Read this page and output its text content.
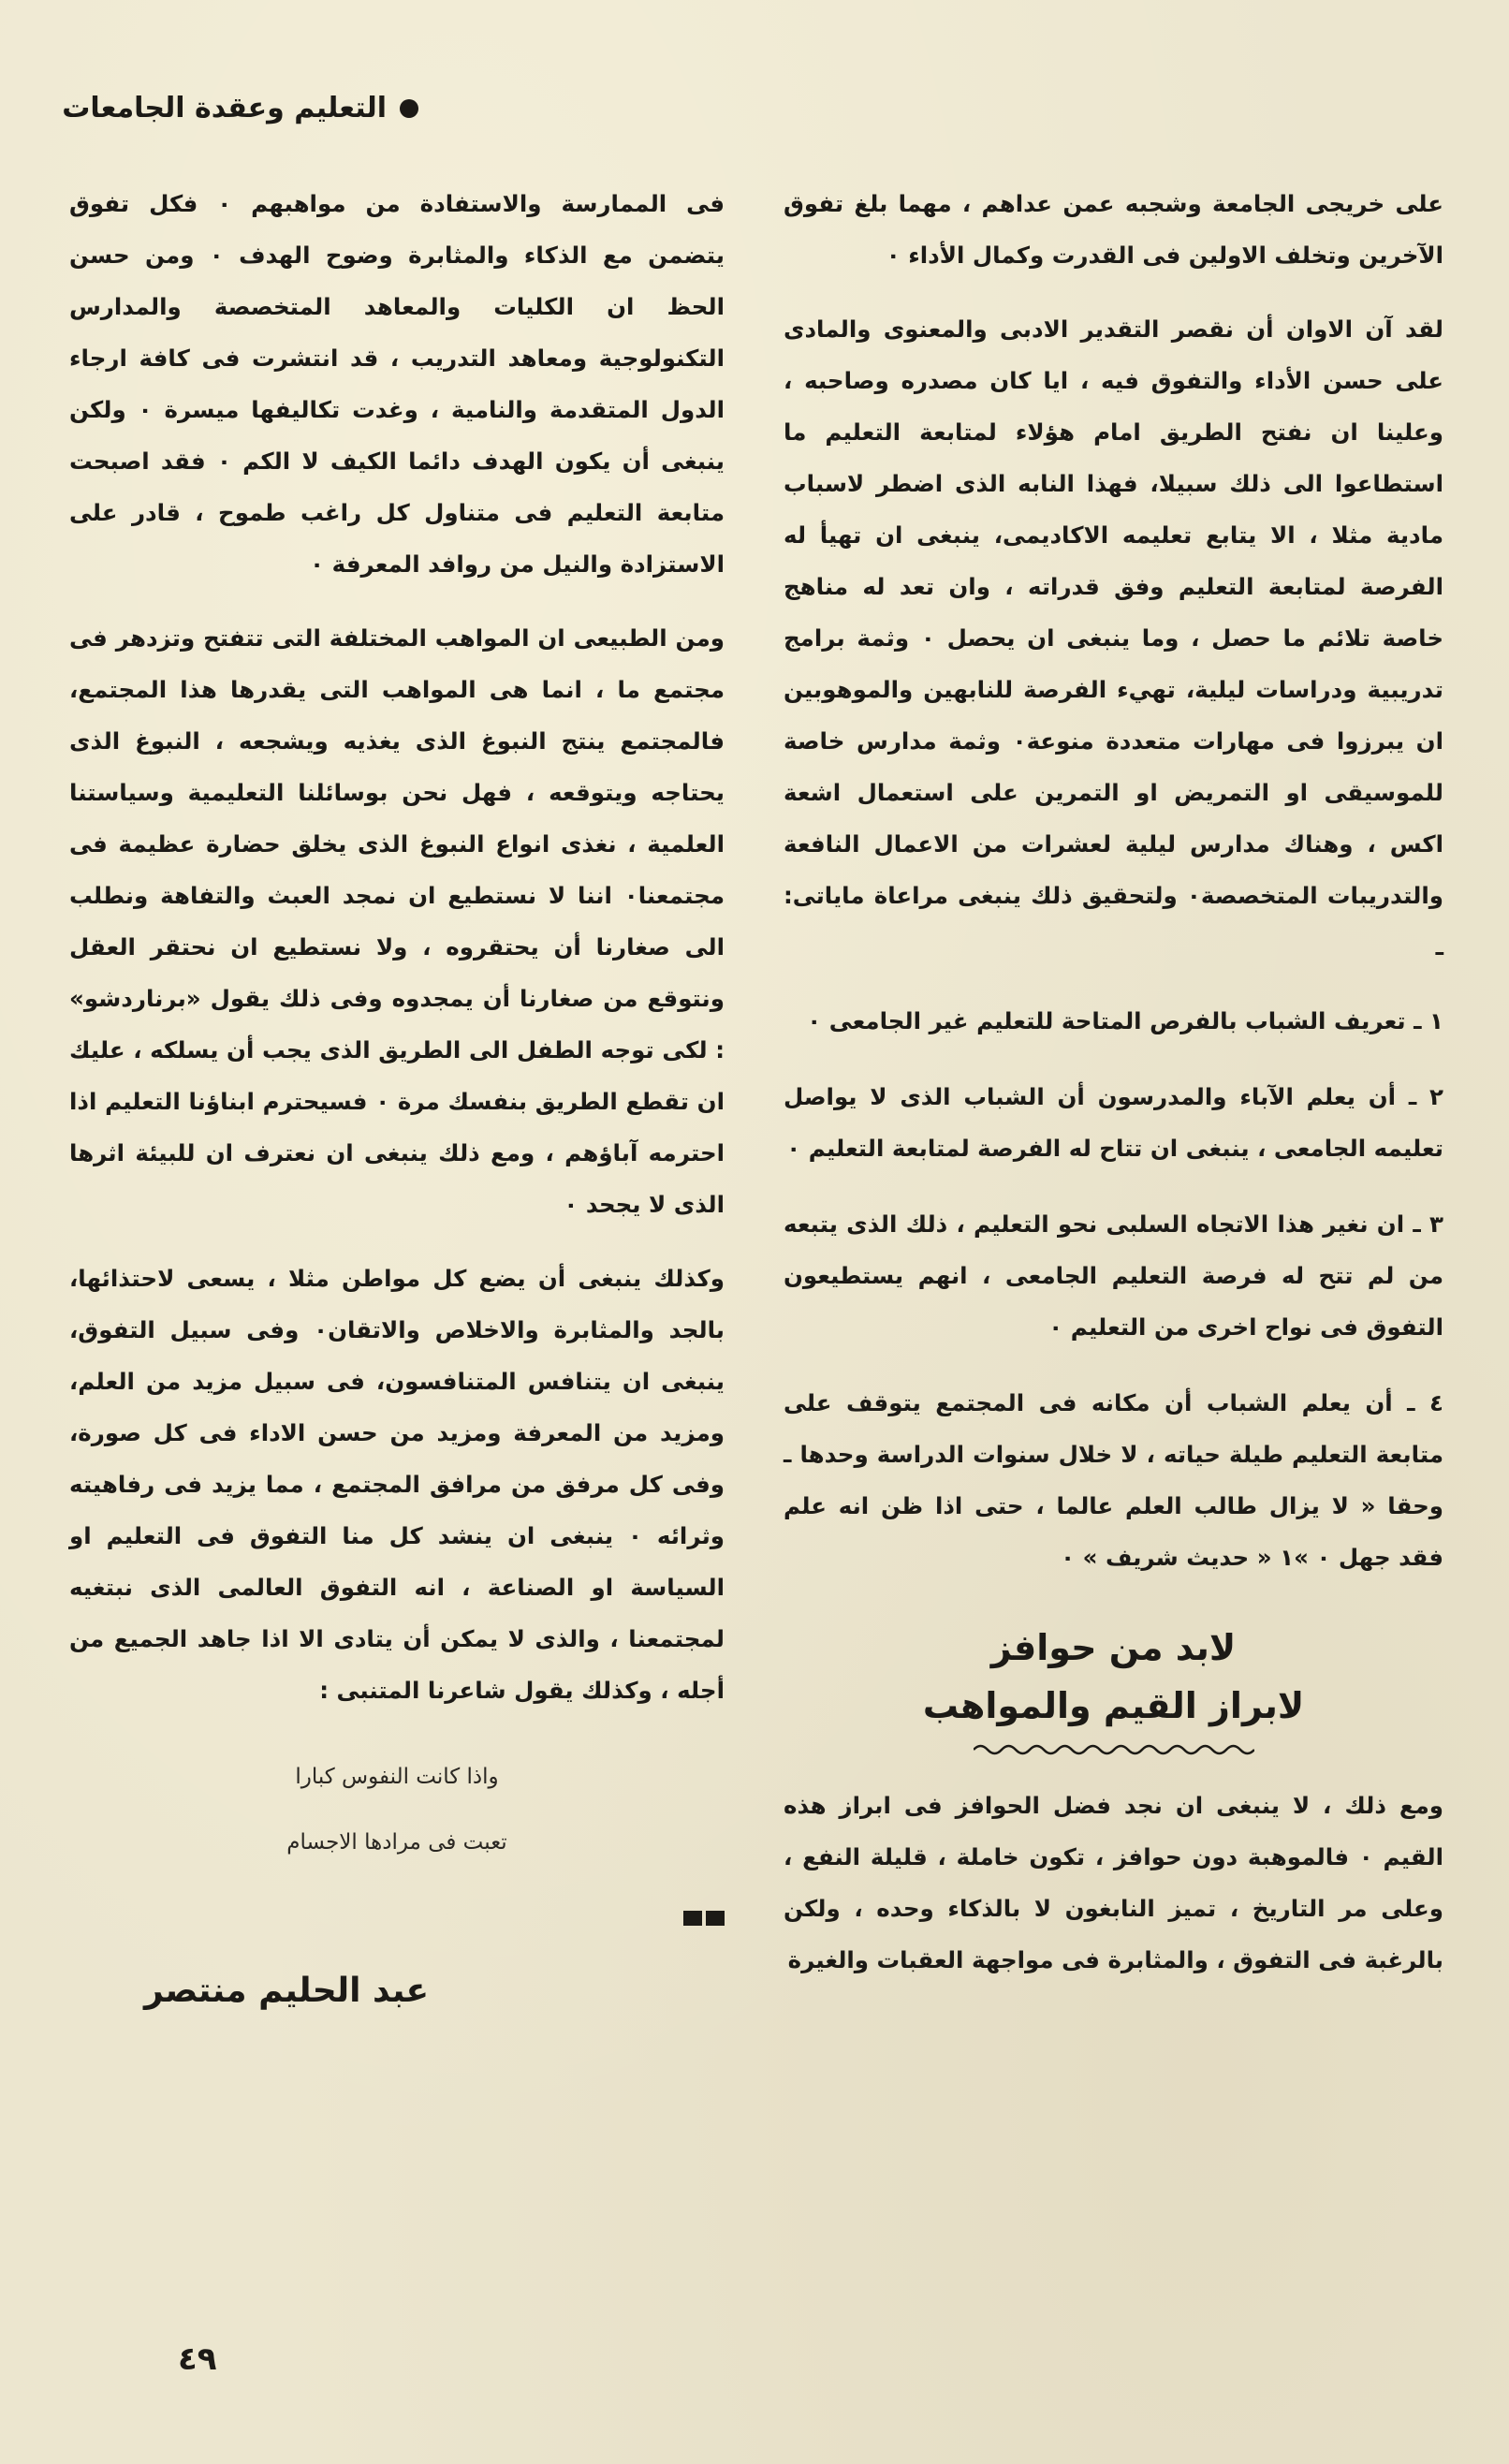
التعليم وعقدة الجامعات

على خريجى الجامعة وشجبه عمن عداهم ، مهما بلغ تفوق الآخرين وتخلف الاولين فى القدرت وكمال الأداء ٠

لقد آن الاوان أن نقصر التقدير الادبى والمعنوى والمادى على حسن الأداء والتفوق فيه ، ايا كان مصدره وصاحبه ، وعلينا ان نفتح الطريق امام هؤلاء لمتابعة التعليم ما استطاعوا الى ذلك سبيلا، فهذا النابه الذى اضطر لاسباب مادية مثلا ، الا يتابع تعليمه الاكاديمى، ينبغى ان تهيأ له الفرصة لمتابعة التعليم وفق قدراته ، وان تعد له مناهج خاصة تلائم ما حصل ، وما ينبغى ان يحصل ٠ وثمة برامج تدريبية ودراسات ليلية، تهيء الفرصة للنابهين والموهوبين ان يبرزوا فى مهارات متعددة منوعة٠ وثمة مدارس خاصة للموسيقى او التمريض او التمرين على استعمال اشعة اكس ، وهناك مدارس ليلية لعشرات من الاعمال النافعة والتدريبات المتخصصة٠ ولتحقيق ذلك ينبغى مراعاة ماياتى: ـ

١ ـ تعريف الشباب بالفرص المتاحة للتعليم غير الجامعى ٠

٢ ـ أن يعلم الآباء والمدرسون أن الشباب الذى لا يواصل تعليمه الجامعى ، ينبغى ان تتاح له الفرصة لمتابعة التعليم ٠

٣ ـ ان نغير هذا الاتجاه السلبى نحو التعليم ، ذلك الذى يتبعه من لم تتح له فرصة التعليم الجامعى ، انهم يستطيعون التفوق فى نواح اخرى من التعليم ٠

٤ ـ أن يعلم الشباب أن مكانه فى المجتمع يتوقف على متابعة التعليم طيلة حياته ، لا خلال سنوات الدراسة وحدها ـ وحقا « لا يزال طالب العلم عالما ، حتى اذا ظن انه علم فقد جهل ٠ »١ « حديث شريف » ٠

لابد من حوافز
لابراز القيم والمواهب

ومع ذلك ، لا ينبغى ان نجد فضل الحوافز فى ابراز هذه القيم ٠ فالموهبة دون حوافز ، تكون خاملة ، قليلة النفع ، وعلى مر التاريخ ، تميز النابغون لا بالذكاء وحده ، ولكن بالرغبة فى التفوق ، والمثابرة فى مواجهة العقبات والغيرة

فى الممارسة والاستفادة من مواهبهم ٠ فكل تفوق يتضمن مع الذكاء والمثابرة وضوح الهدف ٠ ومن حسن الحظ ان الكليات والمعاهد المتخصصة والمدارس التكنولوجية ومعاهد التدريب ، قد انتشرت فى كافة ارجاء الدول المتقدمة والنامية ، وغدت تكاليفها ميسرة ٠ ولكن ينبغى أن يكون الهدف دائما الكيف لا الكم ٠ فقد اصبحت متابعة التعليم فى متناول كل راغب طموح ، قادر على الاستزادة والنيل من روافد المعرفة ٠

ومن الطبيعى ان المواهب المختلفة التى تتفتح وتزدهر فى مجتمع ما ، انما هى المواهب التى يقدرها هذا المجتمع، فالمجتمع ينتج النبوغ الذى يغذيه ويشجعه ، النبوغ الذى يحتاجه ويتوقعه ، فهل نحن بوسائلنا التعليمية وسياستنا العلمية ، نغذى انواع النبوغ الذى يخلق حضارة عظيمة فى مجتمعنا٠ اننا لا نستطيع ان نمجد العبث والتفاهة ونطلب الى صغارنا أن يحتقروه ، ولا نستطيع ان نحتقر العقل ونتوقع من صغارنا أن يمجدوه وفى ذلك يقول «برناردشو» : لكى توجه الطفل الى الطريق الذى يجب أن يسلكه ، عليك ان تقطع الطريق بنفسك مرة ٠ فسيحترم ابناؤنا التعليم اذا احترمه آباؤهم ، ومع ذلك ينبغى ان نعترف ان للبيئة اثرها الذى لا يجحد ٠

وكذلك ينبغى أن يضع كل مواطن مثلا ، يسعى لاحتذائها، بالجد والمثابرة والاخلاص والاتقان٠ وفى سبيل التفوق، ينبغى ان يتنافس المتنافسون، فى سبيل مزيد من العلم، ومزيد من المعرفة ومزيد من حسن الاداء فى كل صورة، وفى كل مرفق من مرافق المجتمع ، مما يزيد فى رفاهيته وثرائه ٠ ينبغى ان ينشد كل منا التفوق فى التعليم او السياسة او الصناعة ، انه التفوق العالمى الذى نبتغيه لمجتمعنا ، والذى لا يمكن أن يتادى الا اذا جاهد الجميع من أجله ، وكذلك يقول شاعرنا المتنبى :

واذا كانت النفوس كبارا
تعبت فى مرادها الاجسام
عبد الحليم منتصر
٤٩
